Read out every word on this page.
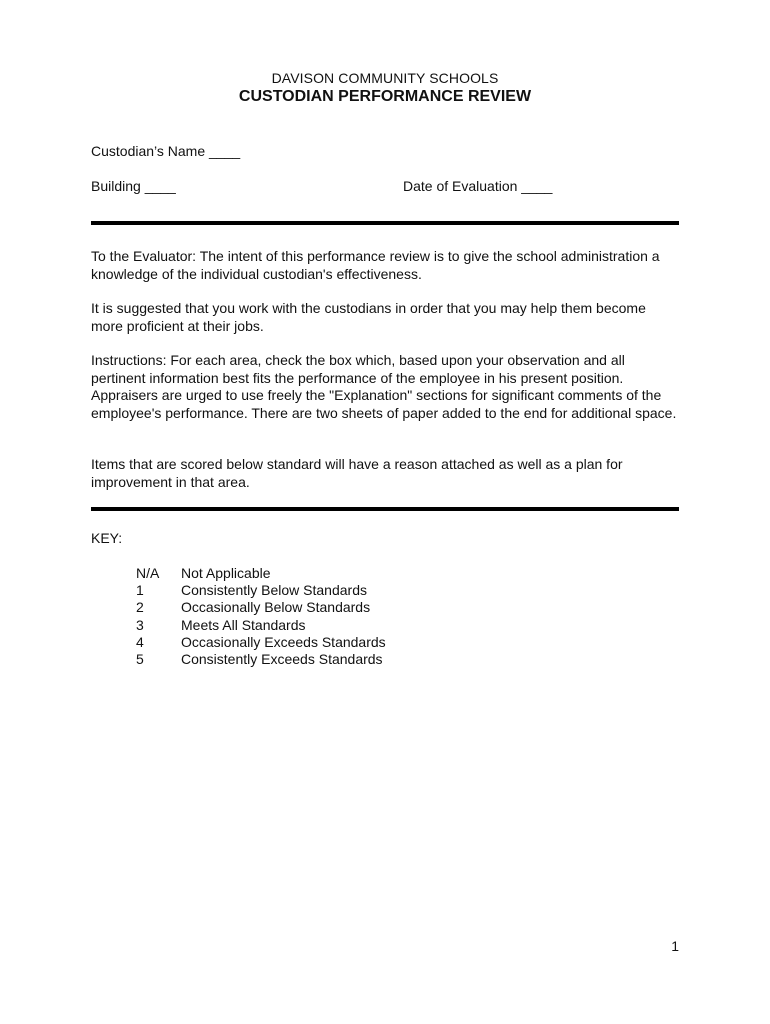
DAVISON COMMUNITY SCHOOLS
CUSTODIAN PERFORMANCE REVIEW
Custodian’s Name ____
Building ____	Date of Evaluation ____

To the Evaluator: The intent of this performance review is to give the school administration a knowledge of the individual custodian's effectiveness.

It is suggested that you work with the custodians in order that you may help them become more proficient at their jobs.

Instructions: For each area, check the box which, based upon your observation and all pertinent information best fits the performance of the employee in his present position. Appraisers are urged to use freely the "Explanation" sections for significant comments of the employee's performance. There are two sheets of paper added to the end for additional space.

Items that are scored below standard will have a reason attached as well as a plan for improvement in that area.

KEY:
N/A	Not Applicable
1	Consistently Below Standards
2	Occasionally Below Standards
3	Meets All Standards
4	Occasionally Exceeds Standards
5	Consistently Exceeds Standards
1
